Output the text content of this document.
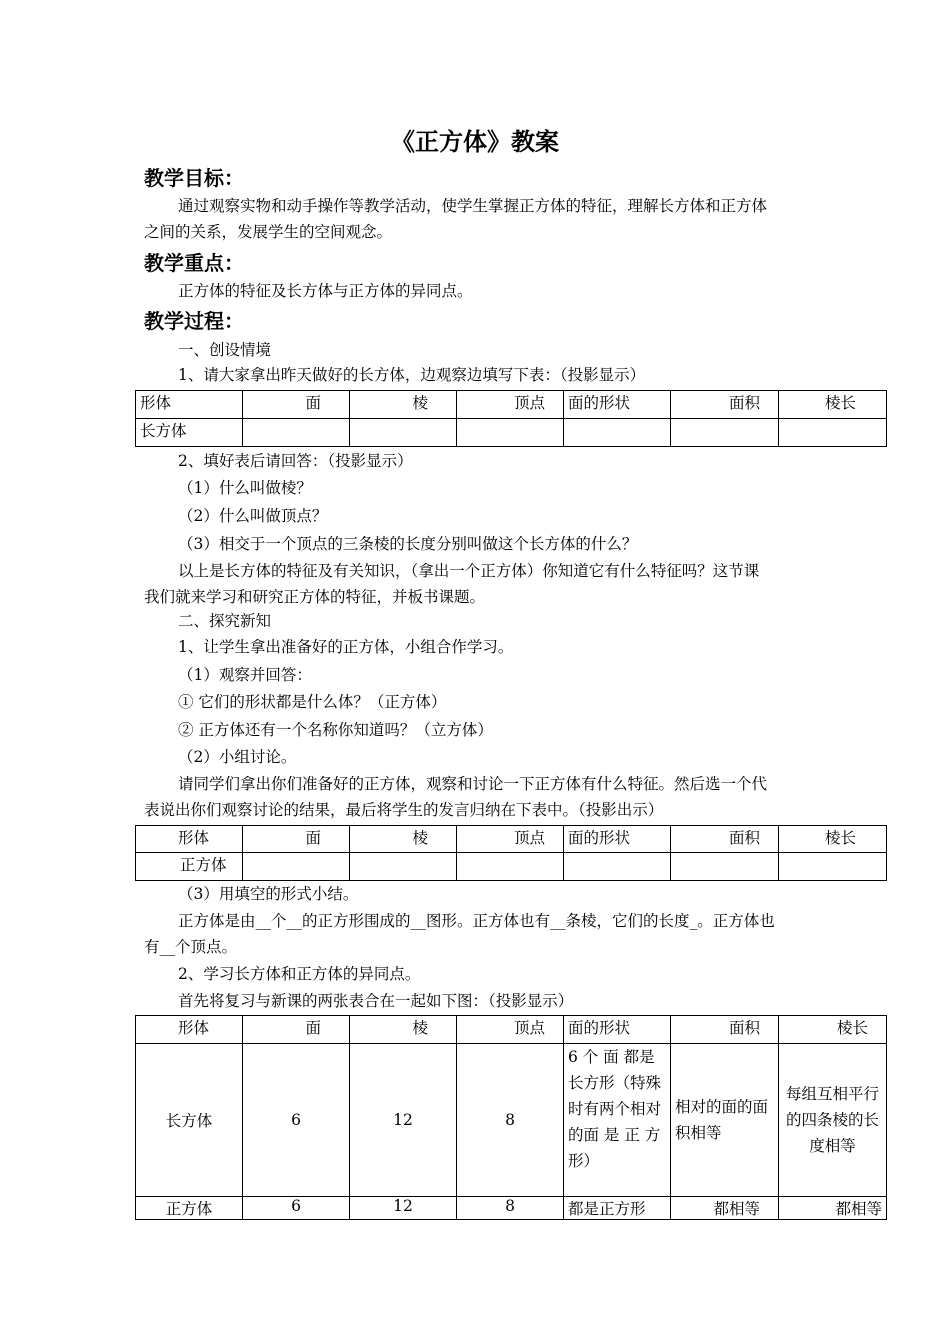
《正方体》教案
教学目标：
通过观察实物和动手操作等教学活动，使学生掌握正方体的特征，理解长方体和正方体
之间的关系，发展学生的空间观念。
教学重点：
正方体的特征及长方体与正方体的异同点。
教学过程：
一、创设情境
1、请大家拿出昨天做好的长方体，边观察边填写下表：（投影显示）
形体	面	棱	顶点	面的形状	面积	棱长
长方体						
2、填好表后请回答：（投影显示）
（1）什么叫做棱？
（2）什么叫做顶点？
（3）相交于一个顶点的三条棱的长度分别叫做这个长方体的什么？
以上是长方体的特征及有关知识，（拿出一个正方体）你知道它有什么特征吗？这节课
我们就来学习和研究正方体的特征，并板书课题。
二、探究新知
1、让学生拿出准备好的正方体，小组合作学习。
（1）观察并回答：
① 它们的形状都是什么体？（正方体）
② 正方体还有一个名称你知道吗？（立方体）
（2）小组讨论。
请同学们拿出你们准备好的正方体，观察和讨论一下正方体有什么特征。然后选一个代
表说出你们观察讨论的结果，最后将学生的发言归纳在下表中。（投影出示）
形体	面	棱	顶点	面的形状	面积	棱长
正方体						
（3）用填空的形式小结。
正方体是由__个__的正方形围成的__图形。正方体也有__条棱，它们的长度_。正方体也
有__个顶点。
2、学习长方体和正方体的异同点。
首先将复习与新课的两张表合在一起如下图：（投影显示）
形体	面	棱	顶点	面的形状	面积	棱长
长方体	6	12	8	6 个 面 都是长方形（特殊时有两个相对的面 是 正 方形）	相对的面的面积相等	每组互相平行的四条棱的长度相等
正方体	6	12	8	都是正方形	都相等	都相等
